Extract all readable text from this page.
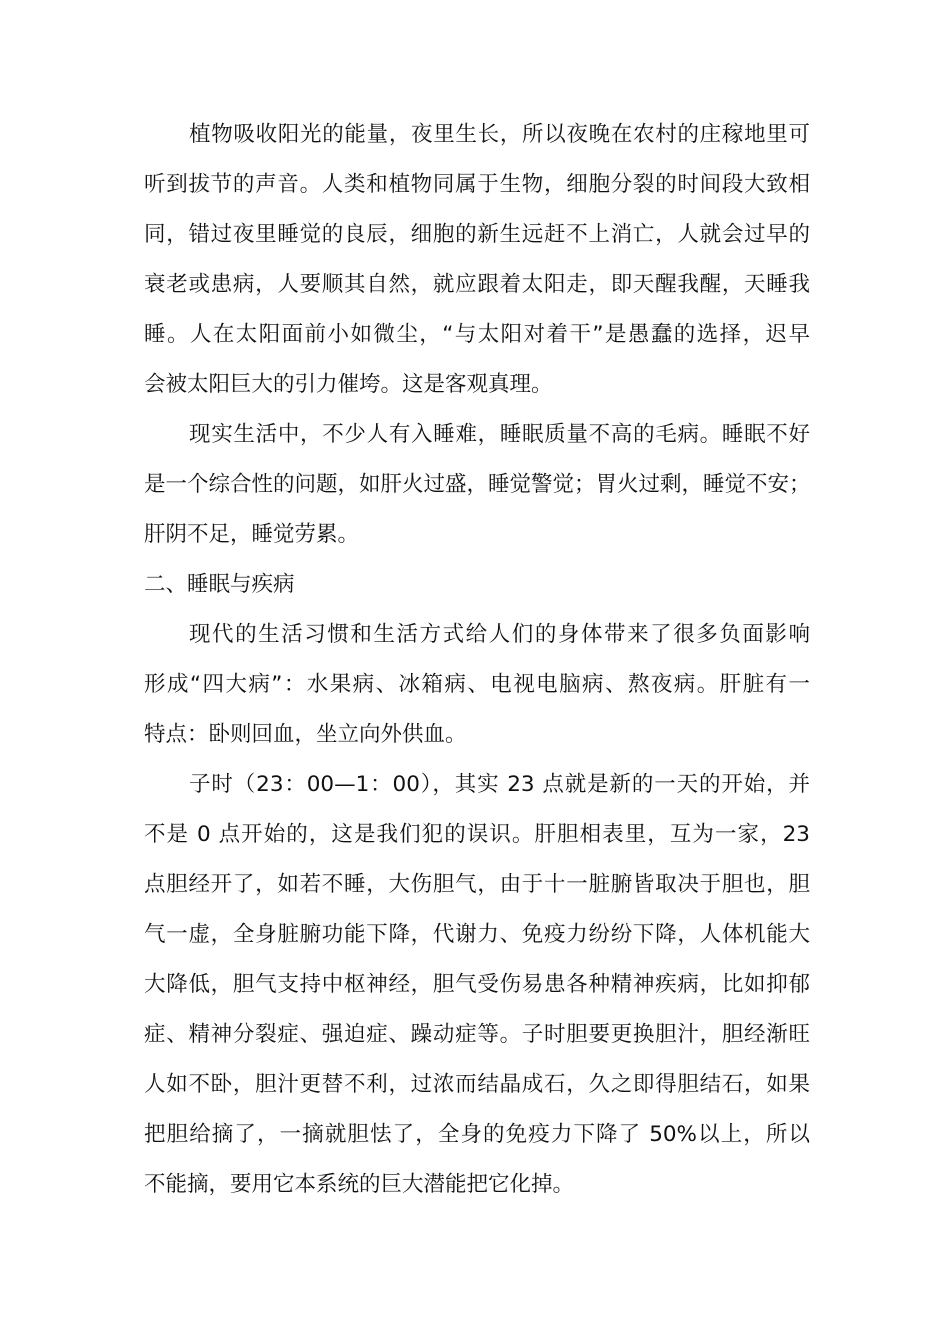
植物吸收阳光的能量，夜里生长，所以夜晚在农村的庄稼地里可
听到拔节的声音。人类和植物同属于生物，细胞分裂的时间段大致相
同，错过夜里睡觉的良辰，细胞的新生远赶不上消亡，人就会过早的
衰老或患病，人要顺其自然，就应跟着太阳走，即天醒我醒，天睡我
睡。人在太阳面前小如微尘，“与太阳对着干”是愚蠢的选择，迟早
会被太阳巨大的引力催垮。这是客观真理。

现实生活中，不少人有入睡难，睡眠质量不高的毛病。睡眠不好
是一个综合性的问题，如肝火过盛，睡觉警觉；胃火过剩，睡觉不安；
肝阴不足，睡觉劳累。

二、睡眠与疾病

现代的生活习惯和生活方式给人们的身体带来了很多负面影响
形成“四大病”：水果病、冰箱病、电视电脑病、熬夜病。肝脏有一
特点：卧则回血，坐立向外供血。

子时（23：00—1：00），其实 23 点就是新的一天的开始，并
不是 0 点开始的，这是我们犯的误识。肝胆相表里，互为一家，23
点胆经开了，如若不睡，大伤胆气，由于十一脏腑皆取决于胆也，胆
气一虚，全身脏腑功能下降，代谢力、免疫力纷纷下降，人体机能大
大降低，胆气支持中枢神经，胆气受伤易患各种精神疾病，比如抑郁
症、精神分裂症、强迫症、躁动症等。子时胆要更换胆汁，胆经渐旺
人如不卧，胆汁更替不利，过浓而结晶成石，久之即得胆结石，如果
把胆给摘了，一摘就胆怯了，全身的免疫力下降了 50%以上，所以
不能摘，要用它本系统的巨大潜能把它化掉。
